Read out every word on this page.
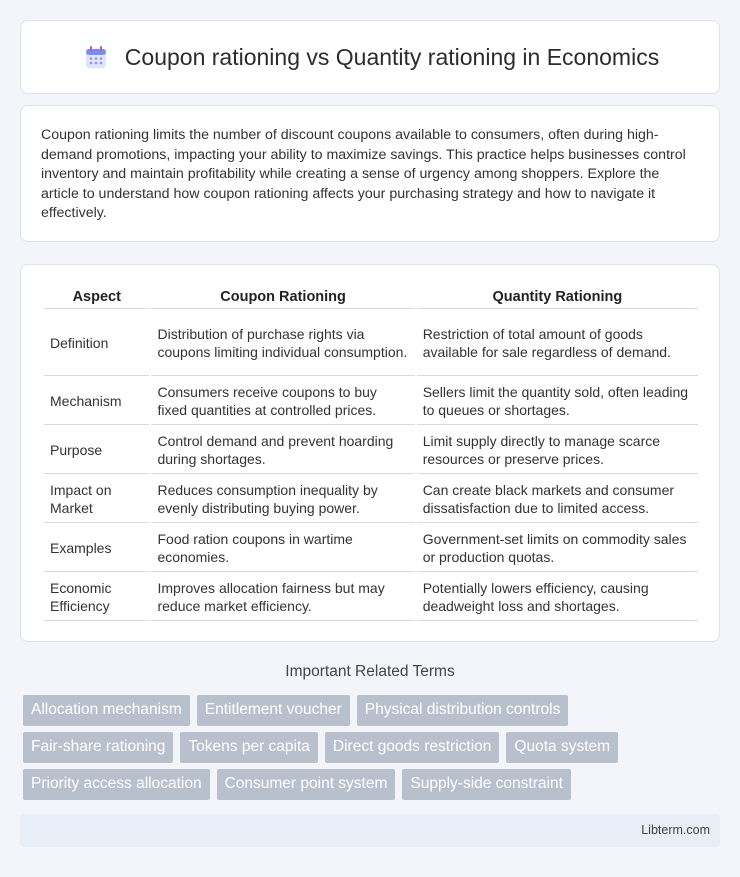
Coupon rationing vs Quantity rationing in Economics

Coupon rationing limits the number of discount coupons available to consumers, often during high-demand promotions, impacting your ability to maximize savings. This practice helps businesses control inventory and maintain profitability while creating a sense of urgency among shoppers. Explore the article to understand how coupon rationing affects your purchasing strategy and how to navigate it effectively.

Aspect	Coupon Rationing	Quantity Rationing
Definition	Distribution of purchase rights via coupons limiting individual consumption.	Restriction of total amount of goods available for sale regardless of demand.
Mechanism	Consumers receive coupons to buy fixed quantities at controlled prices.	Sellers limit the quantity sold, often leading to queues or shortages.
Purpose	Control demand and prevent hoarding during shortages.	Limit supply directly to manage scarce resources or preserve prices.
Impact on Market	Reduces consumption inequality by evenly distributing buying power.	Can create black markets and consumer dissatisfaction due to limited access.
Examples	Food ration coupons in wartime economies.	Government-set limits on commodity sales or production quotas.
Economic Efficiency	Improves allocation fairness but may reduce market efficiency.	Potentially lowers efficiency, causing deadweight loss and shortages.
Important Related Terms
Allocation mechanism	Entitlement voucher	Physical distribution controls
Fair-share rationing	Tokens per capita	Direct goods restriction	Quota system
Priority access allocation	Consumer point system	Supply-side constraint
Libterm.com
